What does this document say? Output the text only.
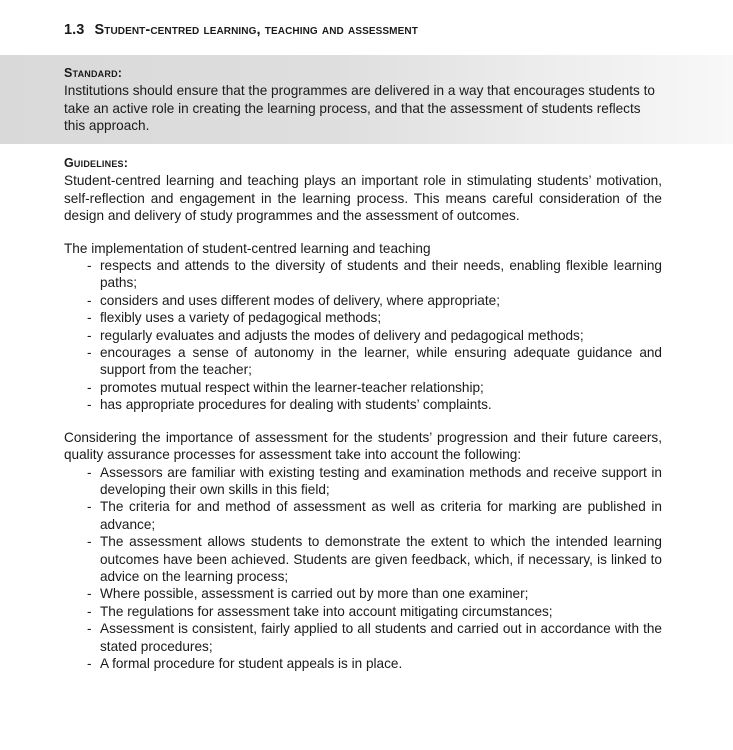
1.3 Student-centred learning, teaching and assessment
Standard:

Institutions should ensure that the programmes are delivered in a way that encourages students to take an active role in creating the learning process, and that the assessment of students reflects this approach.

Guidelines:

Student-centred learning and teaching plays an important role in stimulating students’ motivation, self-reflection and engagement in the learning process. This means careful consideration of the design and delivery of study programmes and the assessment of outcomes.

The implementation of student-centred learning and teaching

- respects and attends to the diversity of students and their needs, enabling flexible learning paths;
- considers and uses different modes of delivery, where appropriate;
- flexibly uses a variety of pedagogical methods;
- regularly evaluates and adjusts the modes of delivery and pedagogical methods;
- encourages a sense of autonomy in the learner, while ensuring adequate guidance and support from the teacher;
- promotes mutual respect within the learner-teacher relationship;
- has appropriate procedures for dealing with students’ complaints.

Considering the importance of assessment for the students’ progression and their future careers, quality assurance processes for assessment take into account the following:

- Assessors are familiar with existing testing and examination methods and receive support in developing their own skills in this field;
- The criteria for and method of assessment as well as criteria for marking are published in advance;
- The assessment allows students to demonstrate the extent to which the intended learning outcomes have been achieved. Students are given feedback, which, if necessary, is linked to advice on the learning process;
- Where possible, assessment is carried out by more than one examiner;
- The regulations for assessment take into account mitigating circumstances;
- Assessment is consistent, fairly applied to all students and carried out in accordance with the stated procedures;
- A formal procedure for student appeals is in place.
